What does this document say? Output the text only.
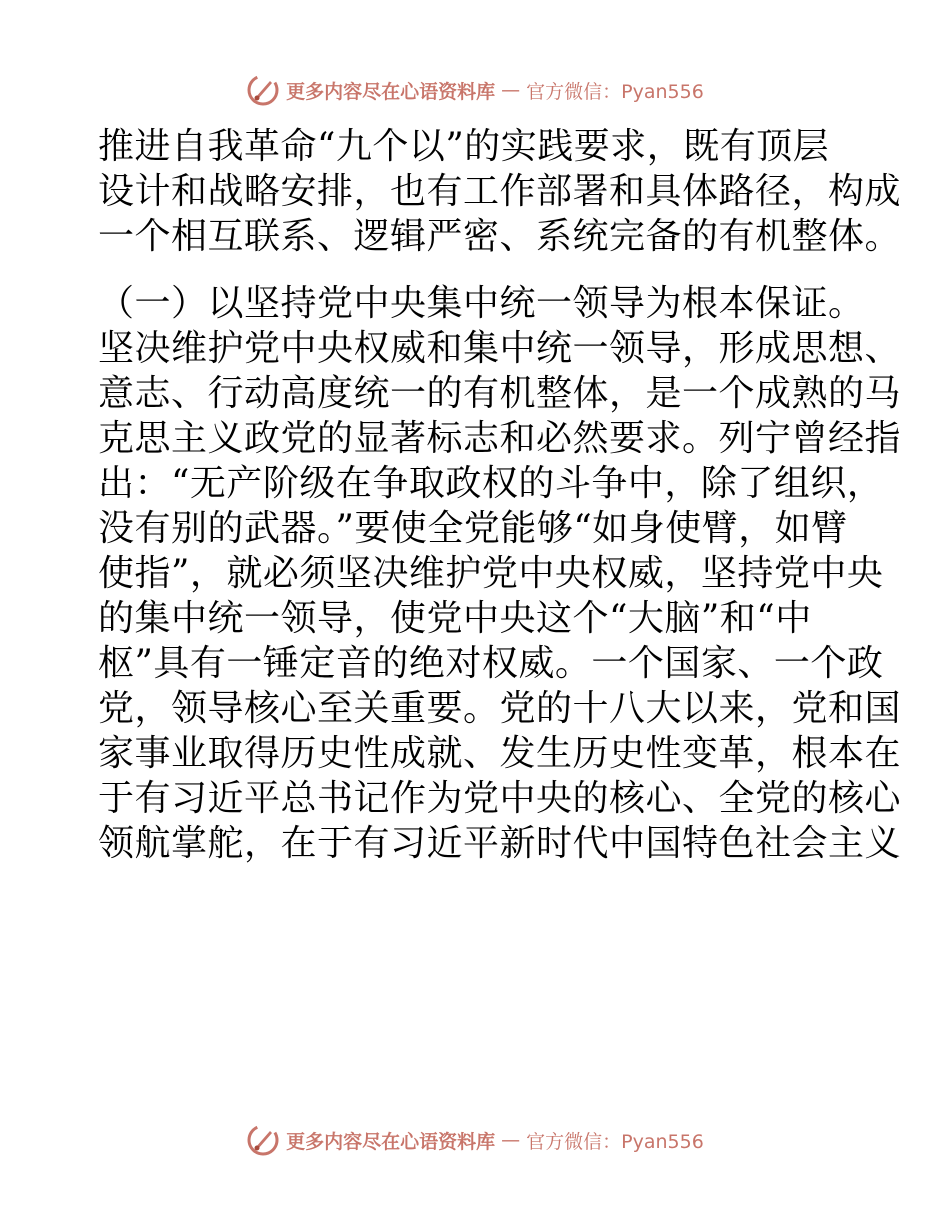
更多内容尽在心语资料库 — 官方微信：Pyan556
推进自我革命“九个以”的实践要求，既有顶层
设计和战略安排，也有工作部署和具体路径，构成
一个相互联系、逻辑严密、系统完备的有机整体。
（一）以坚持党中央集中统一领导为根本保证。
坚决维护党中央权威和集中统一领导，形成思想、
意志、行动高度统一的有机整体，是一个成熟的马
克思主义政党的显著标志和必然要求。列宁曾经指
出：“无产阶级在争取政权的斗争中，除了组织，
没有别的武器。”要使全党能够“如身使臂，如臂
使指”，就必须坚决维护党中央权威，坚持党中央
的集中统一领导，使党中央这个“大脑”和“中
枢”具有一锤定音的绝对权威。一个国家、一个政
党，领导核心至关重要。党的十八大以来，党和国
家事业取得历史性成就、发生历史性变革，根本在
于有习近平总书记作为党中央的核心、全党的核心
领航掌舵，在于有习近平新时代中国特色社会主义
更多内容尽在心语资料库 — 官方微信：Pyan556
